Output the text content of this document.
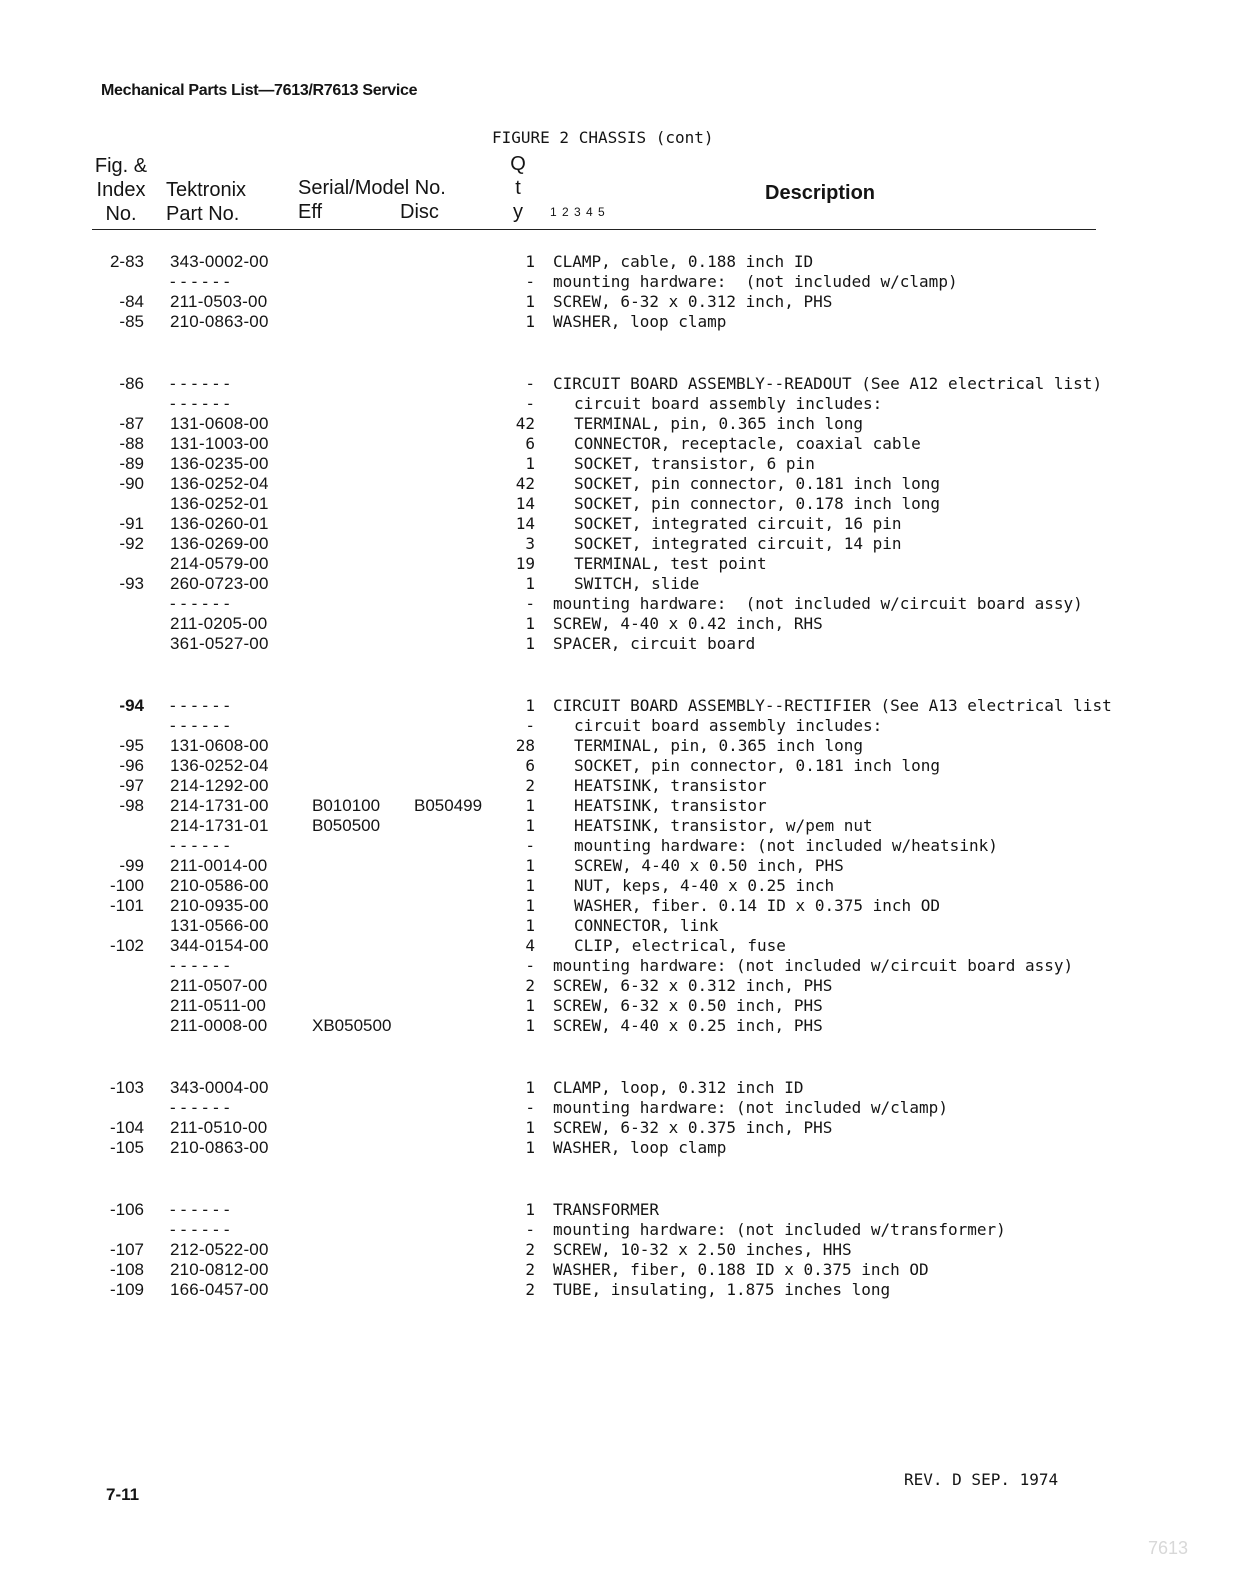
Mechanical Parts List—7613/R7613 Service
FIGURE 2 CHASSIS (cont)
Fig. &
Index
No.
Tektronix
Part No.
Serial/Model No.
Eff	Disc
Q
t
y	1 2 3 4 5
Description
2-83 343-0002-00	1 CLAMP, cable, 0.188 inch ID
- - - - - -	- mounting hardware:  (not included w/clamp)
-84 211-0503-00	1 SCREW, 6-32 x 0.312 inch, PHS
-85 210-0863-00	1 WASHER, loop clamp
-86 - - - - - -	- CIRCUIT BOARD ASSEMBLY--READOUT (See A12 electrical list)
- - - - - -	- circuit board assembly includes:
-87 131-0608-00	42 TERMINAL, pin, 0.365 inch long
-88 131-1003-00	6 CONNECTOR, receptacle, coaxial cable
-89 136-0235-00	1 SOCKET, transistor, 6 pin
-90 136-0252-04	42 SOCKET, pin connector, 0.181 inch long
136-0252-01	14 SOCKET, pin connector, 0.178 inch long
-91 136-0260-01	14 SOCKET, integrated circuit, 16 pin
-92 136-0269-00	3 SOCKET, integrated circuit, 14 pin
214-0579-00	19 TERMINAL, test point
-93 260-0723-00	1 SWITCH, slide
- - - - - -	- mounting hardware:  (not included w/circuit board assy)
211-0205-00	1 SCREW, 4-40 x 0.42 inch, RHS
361-0527-00	1 SPACER, circuit board
-94 - - - - - -	1 CIRCUIT BOARD ASSEMBLY--RECTIFIER (See A13 electrical list
- - - - - -	- circuit board assembly includes:
-95 131-0608-00	28 TERMINAL, pin, 0.365 inch long
-96 136-0252-04	6 SOCKET, pin connector, 0.181 inch long
-97 214-1292-00	2 HEATSINK, transistor
-98 214-1731-00	B010100 B050499	1 HEATSINK, transistor
214-1731-01	B050500	1 HEATSINK, transistor, w/pem nut
- - - - - -	- mounting hardware: (not included w/heatsink)
-99 211-0014-00	1 SCREW, 4-40 x 0.50 inch, PHS
-100 210-0586-00	1 NUT, keps, 4-40 x 0.25 inch
-101 210-0935-00	1 WASHER, fiber. 0.14 ID x 0.375 inch OD
131-0566-00	1 CONNECTOR, link
-102 344-0154-00	4 CLIP, electrical, fuse
- - - - - -	- mounting hardware: (not included w/circuit board assy)
211-0507-00	2 SCREW, 6-32 x 0.312 inch, PHS
211-0511-00	1 SCREW, 6-32 x 0.50 inch, PHS
211-0008-00	XB050500	1 SCREW, 4-40 x 0.25 inch, PHS
-103 343-0004-00	1 CLAMP, loop, 0.312 inch ID
- - - - - -	- mounting hardware: (not included w/clamp)
-104 211-0510-00	1 SCREW, 6-32 x 0.375 inch, PHS
-105 210-0863-00	1 WASHER, loop clamp
-106 - - - - - -	1 TRANSFORMER
- - - - - -	- mounting hardware: (not included w/transformer)
-107 212-0522-00	2 SCREW, 10-32 x 2.50 inches, HHS
-108 210-0812-00	2 WASHER, fiber, 0.188 ID x 0.375 inch OD
-109 166-0457-00	2 TUBE, insulating, 1.875 inches long
7-11
REV. D SEP. 1974
7613
